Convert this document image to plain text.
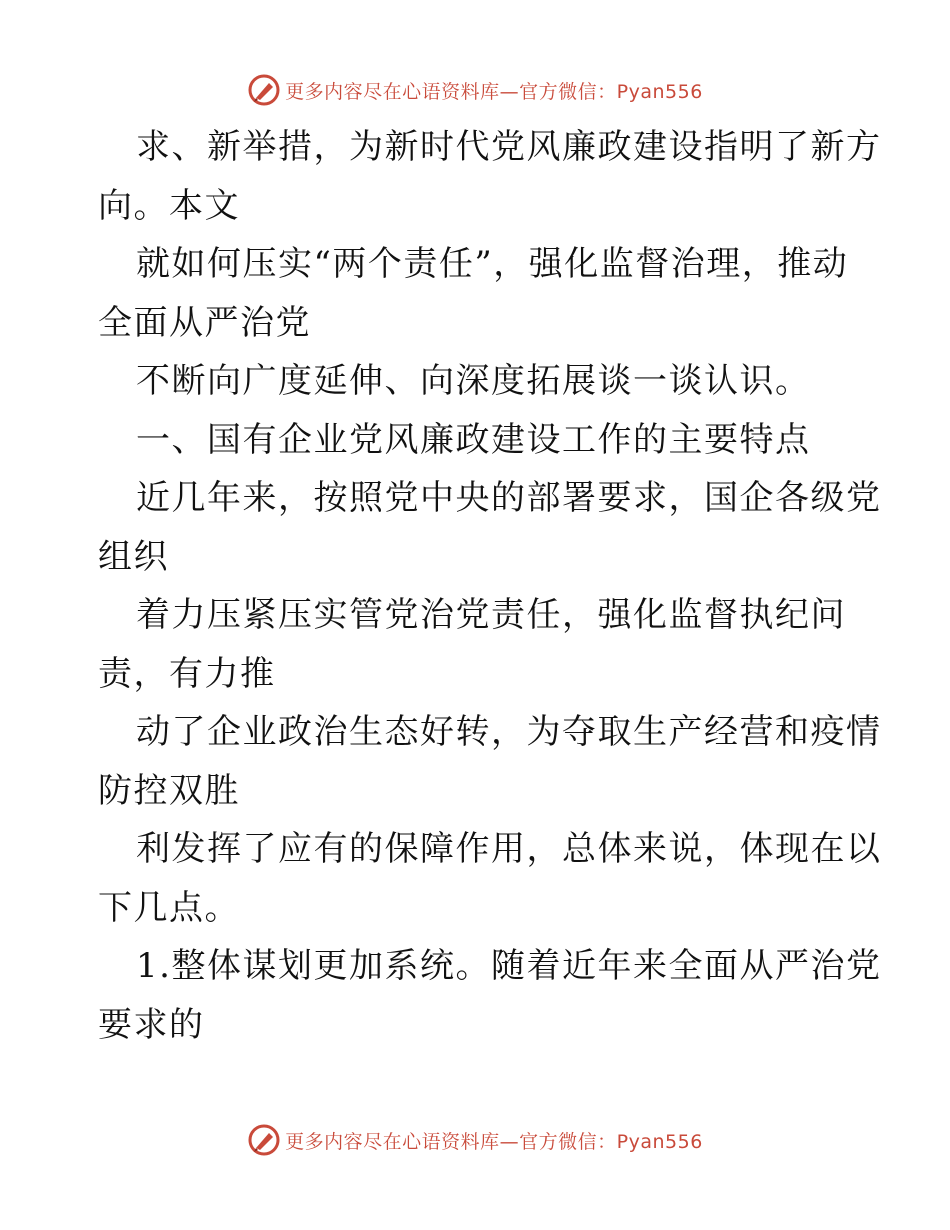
更多内容尽在心语资料库—官方微信：Pyan556
求、新举措，为新时代党风廉政建设指明了新方
向。本文
就如何压实“两个责任”，强化监督治理，推动
全面从严治党
不断向广度延伸、向深度拓展谈一谈认识。
一、国有企业党风廉政建设工作的主要特点
近几年来，按照党中央的部署要求，国企各级党
组织
着力压紧压实管党治党责任，强化监督执纪问
责，有力推
动了企业政治生态好转，为夺取生产经营和疫情
防控双胜
利发挥了应有的保障作用，总体来说，体现在以
下几点。
1.整体谋划更加系统。随着近年来全面从严治党
要求的
更多内容尽在心语资料库—官方微信：Pyan556
